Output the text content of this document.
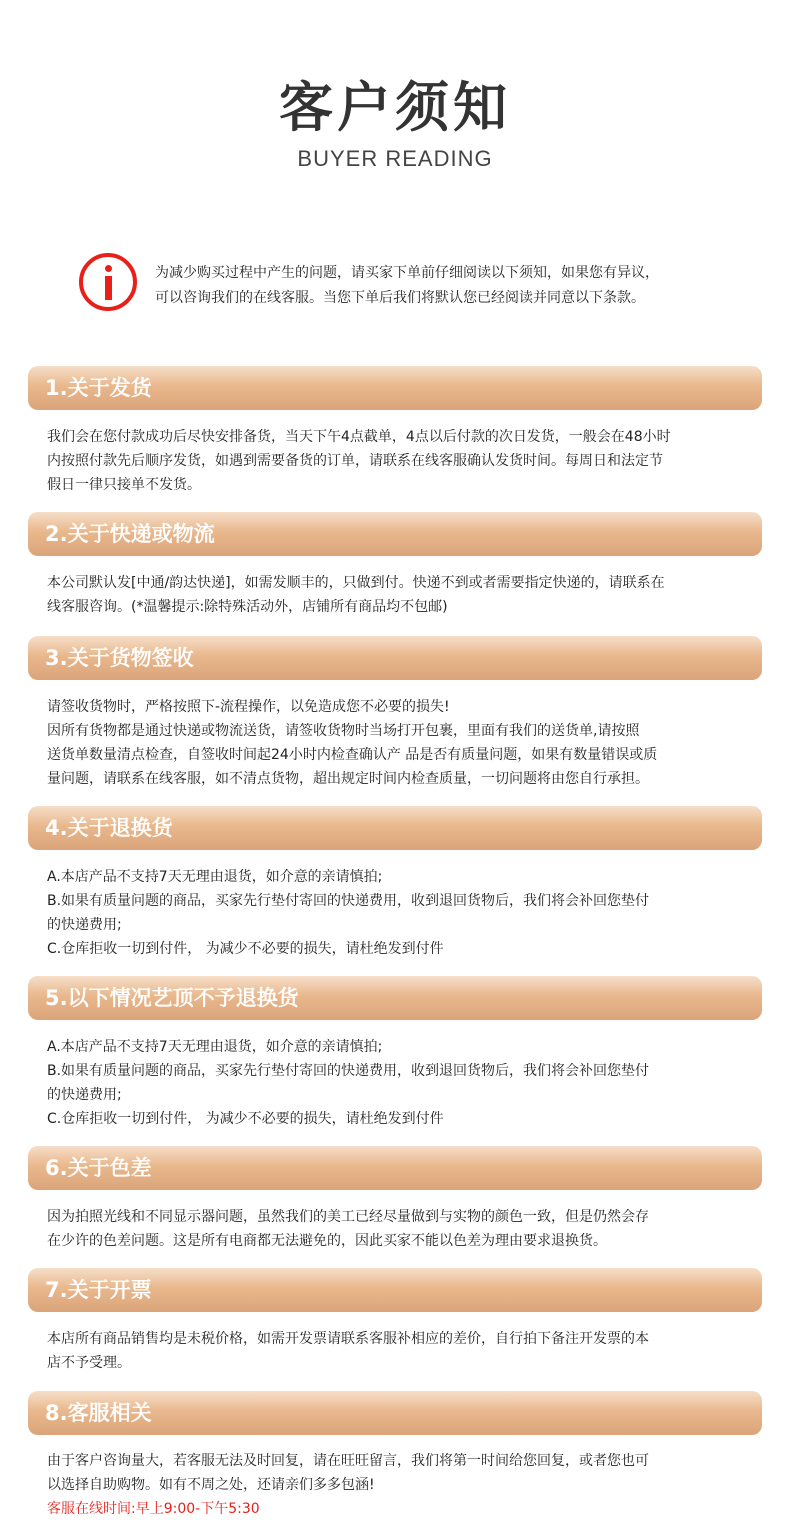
客户须知
BUYER READING
为减少购买过程中产生的问题，请买家下单前仔细阅读以下须知，如果您有异议，
可以咨询我们的在线客服。当您下单后我们将默认您已经阅读并同意以下条款。
1.关于发货

我们会在您付款成功后尽快安排备货，当天下午4点截单，4点以后付款的次日发货，一般会在48小时

内按照付款先后顺序发货，如遇到需要备货的订单，请联系在线客服确认发货时间。每周日和法定节

假日一律只接单不发货。

2.关于快递或物流

本公司默认发[中通/韵达快递]，如需发顺丰的，只做到付。快递不到或者需要指定快递的，请联系在

线客服咨询。(*温馨提示:除特殊活动外，店铺所有商品均不包邮)

3.关于货物签收

请签收货物时，严格按照下-流程操作，以免造成您不必要的损失!

因所有货物都是通过快递或物流送货，请签收货物时当场打开包裹，里面有我们的送货单,请按照

送货单数量清点检查，自签收时间起24小时内检查确认产 品是否有质量问题，如果有数量错误或质

量问题，请联系在线客服，如不清点货物，超出规定时间内检查质量，一切问题将由您自行承担。

4.关于退换货

A.本店产品不支持7天无理由退货，如介意的亲请慎拍;

B.如果有质量问题的商品，买家先行垫付寄回的快递费用，收到退回货物后，我们将会补回您垫付

的快递费用;

C.仓库拒收一切到付件， 为减少不必要的损失，请杜绝发到付件

5.以下情况艺顶不予退换货

A.本店产品不支持7天无理由退货，如介意的亲请慎拍;

B.如果有质量问题的商品，买家先行垫付寄回的快递费用，收到退回货物后，我们将会补回您垫付

的快递费用;

C.仓库拒收一切到付件， 为减少不必要的损失，请杜绝发到付件

6.关于色差

因为拍照光线和不同显示器问题，虽然我们的美工已经尽量做到与实物的颜色一致，但是仍然会存

在少许的色差问题。这是所有电商都无法避免的，因此买家不能以色差为理由要求退换货。

7.关于开票

本店所有商品销售均是未税价格，如需开发票请联系客服补相应的差价，自行拍下备注开发票的本

店不予受理。

8.客服相关

由于客户咨询量大，若客服无法及时回复，请在旺旺留言，我们将第一时间给您回复，或者您也可

以选择自助购物。如有不周之处，还请亲们多多包涵!

客服在线时间:早上9:00-下午5:30
